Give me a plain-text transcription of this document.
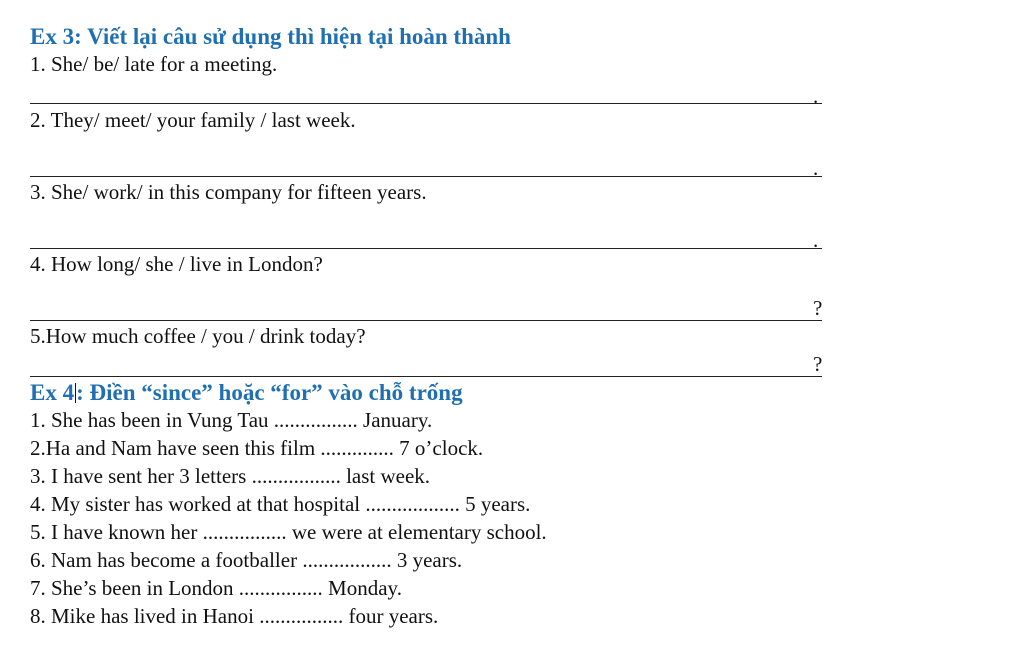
Ex 3: Viết lại câu sử dụng thì hiện tại hoàn thành
1. She/ be/ late for a meeting.
.
2. They/ meet/ your family / last week.
.
3. She/ work/ in this company for fifteen years.
.
4. How long/ she / live in London?
?
5.How much coffee / you / drink today?
?
Ex 4: Điền “since” hoặc “for” vào chỗ trống
1. She has been in Vung Tau ................ January.
2.Ha and Nam have seen this film .............. 7 o’clock.
3. I have sent her 3 letters ................. last week.
4. My sister has worked at that hospital .................. 5 years.
5. I have known her ................ we were at elementary school.
6. Nam has become a footballer ................. 3 years.
7. She’s been in London ................ Monday.
8. Mike has lived in Hanoi ................ four years.
